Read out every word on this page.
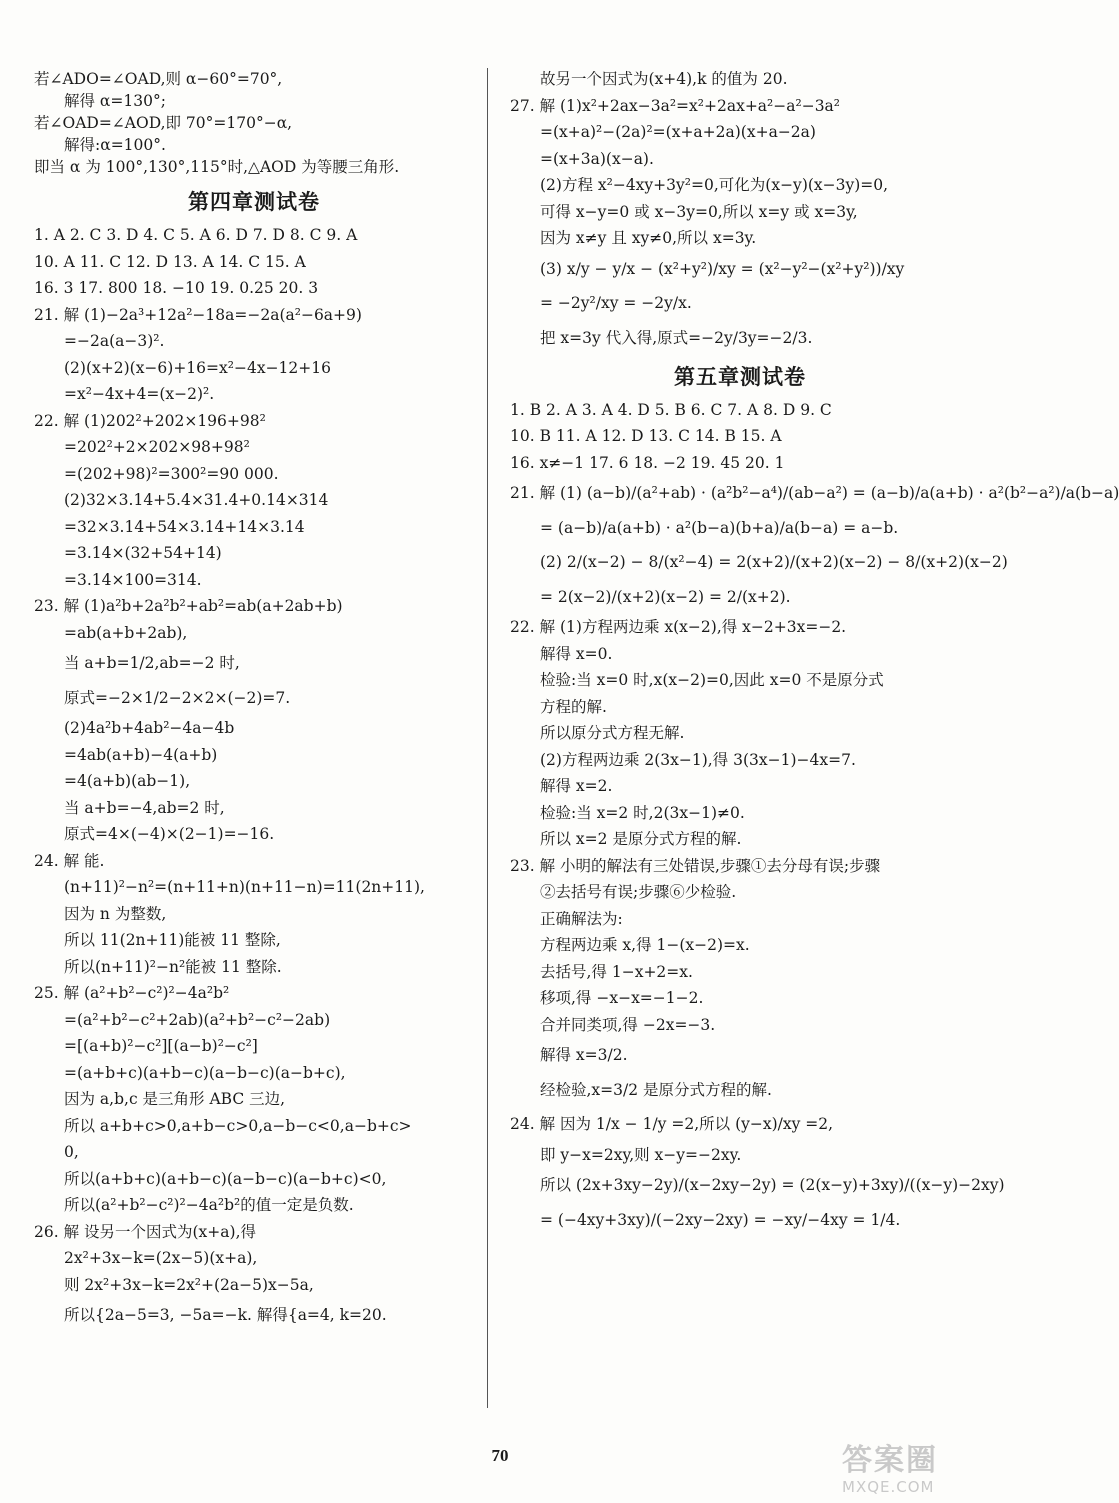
若∠ADO=∠OAD,则 α−60°=70°,
解得 α=130°;
若∠OAD=∠AOD,即 70°=170°−α,
解得:α=100°.
即当 α 为 100°,130°,115°时,△AOD 为等腰三角形.
第四章测试卷
1. A 2. C 3. D 4. C 5. A 6. D 7. D 8. C 9. A
10. A 11. C 12. D 13. A 14. C 15. A
16. 3 17. 800 18. −10 19. 0.25 20. 3
21. 解 (1)−2a³+12a²−18a=−2a(a²−6a+9)
=−2a(a−3)².
(2)(x+2)(x−6)+16=x²−4x−12+16
=x²−4x+4=(x−2)².
22. 解 (1)202²+202×196+98²
=202²+2×202×98+98²
=(202+98)²=300²=90 000.
(2)32×3.14+5.4×31.4+0.14×314
=32×3.14+54×3.14+14×3.14
=3.14×(32+54+14)
=3.14×100=314.
23. 解 (1)a²b+2a²b²+ab²=ab(a+2ab+b)
=ab(a+b+2ab),
当 a+b=1/2,ab=−2 时,
原式=−2×1/2−2×2×(−2)=7.
(2)4a²b+4ab²−4a−4b
=4ab(a+b)−4(a+b)
=4(a+b)(ab−1),
当 a+b=−4,ab=2 时,
原式=4×(−4)×(2−1)=−16.
24. 解 能.
(n+11)²−n²=(n+11+n)(n+11−n)=11(2n+11),
因为 n 为整数,
所以 11(2n+11)能被 11 整除,
所以(n+11)²−n²能被 11 整除.
25. 解 (a²+b²−c²)²−4a²b²
=(a²+b²−c²+2ab)(a²+b²−c²−2ab)
=[(a+b)²−c²][(a−b)²−c²]
=(a+b+c)(a+b−c)(a−b−c)(a−b+c),
因为 a,b,c 是三角形 ABC 三边,
所以 a+b+c>0,a+b−c>0,a−b−c<0,a−b+c>
0,
所以(a+b+c)(a+b−c)(a−b−c)(a−b+c)<0,
所以(a²+b²−c²)²−4a²b²的值一定是负数.
26. 解 设另一个因式为(x+a),得
2x²+3x−k=(2x−5)(x+a),
则 2x²+3x−k=2x²+(2a−5)x−5a,
所以{2a−5=3, −5a=−k. 解得{a=4, k=20.
故另一个因式为(x+4),k 的值为 20.
27. 解 (1)x²+2ax−3a²=x²+2ax+a²−a²−3a²
=(x+a)²−(2a)²=(x+a+2a)(x+a−2a)
=(x+3a)(x−a).
(2)方程 x²−4xy+3y²=0,可化为(x−y)(x−3y)=0,
可得 x−y=0 或 x−3y=0,所以 x=y 或 x=3y,
因为 x≠y 且 xy≠0,所以 x=3y.
(3) x/y − y/x − (x²+y²)/xy = (x²−y²−(x²+y²))/xy
= −2y²/xy = −2y/x.
把 x=3y 代入得,原式=−2y/3y=−2/3.
第五章测试卷
1. B 2. A 3. A 4. D 5. B 6. C 7. A 8. D 9. C
10. B 11. A 12. D 13. C 14. B 15. A
16. x≠−1 17. 6 18. −2 19. 45 20. 1
21. 解 (1) (a−b)/(a²+ab) · (a²b²−a⁴)/(ab−a²) = (a−b)/a(a+b) · a²(b²−a²)/a(b−a)
= (a−b)/a(a+b) · a²(b−a)(b+a)/a(b−a) = a−b.
(2) 2/(x−2) − 8/(x²−4) = 2(x+2)/(x+2)(x−2) − 8/(x+2)(x−2)
= 2(x−2)/(x+2)(x−2) = 2/(x+2).
22. 解 (1)方程两边乘 x(x−2),得 x−2+3x=−2.
解得 x=0.
检验:当 x=0 时,x(x−2)=0,因此 x=0 不是原分式
方程的解.
所以原分式方程无解.
(2)方程两边乘 2(3x−1),得 3(3x−1)−4x=7.
解得 x=2.
检验:当 x=2 时,2(3x−1)≠0.
所以 x=2 是原分式方程的解.
23. 解 小明的解法有三处错误,步骤①去分母有误;步骤
②去括号有误;步骤⑥少检验.
正确解法为:
方程两边乘 x,得 1−(x−2)=x.
去括号,得 1−x+2=x.
移项,得 −x−x=−1−2.
合并同类项,得 −2x=−3.
解得 x=3/2.
经检验,x=3/2 是原分式方程的解.
24. 解 因为 1/x − 1/y =2,所以 (y−x)/xy =2,
即 y−x=2xy,则 x−y=−2xy.
所以 (2x+3xy−2y)/(x−2xy−2y) = (2(x−y)+3xy)/((x−y)−2xy)
= (−4xy+3xy)/(−2xy−2xy) = −xy/−4xy = 1/4.
70	答案圈
MXQE.COM
